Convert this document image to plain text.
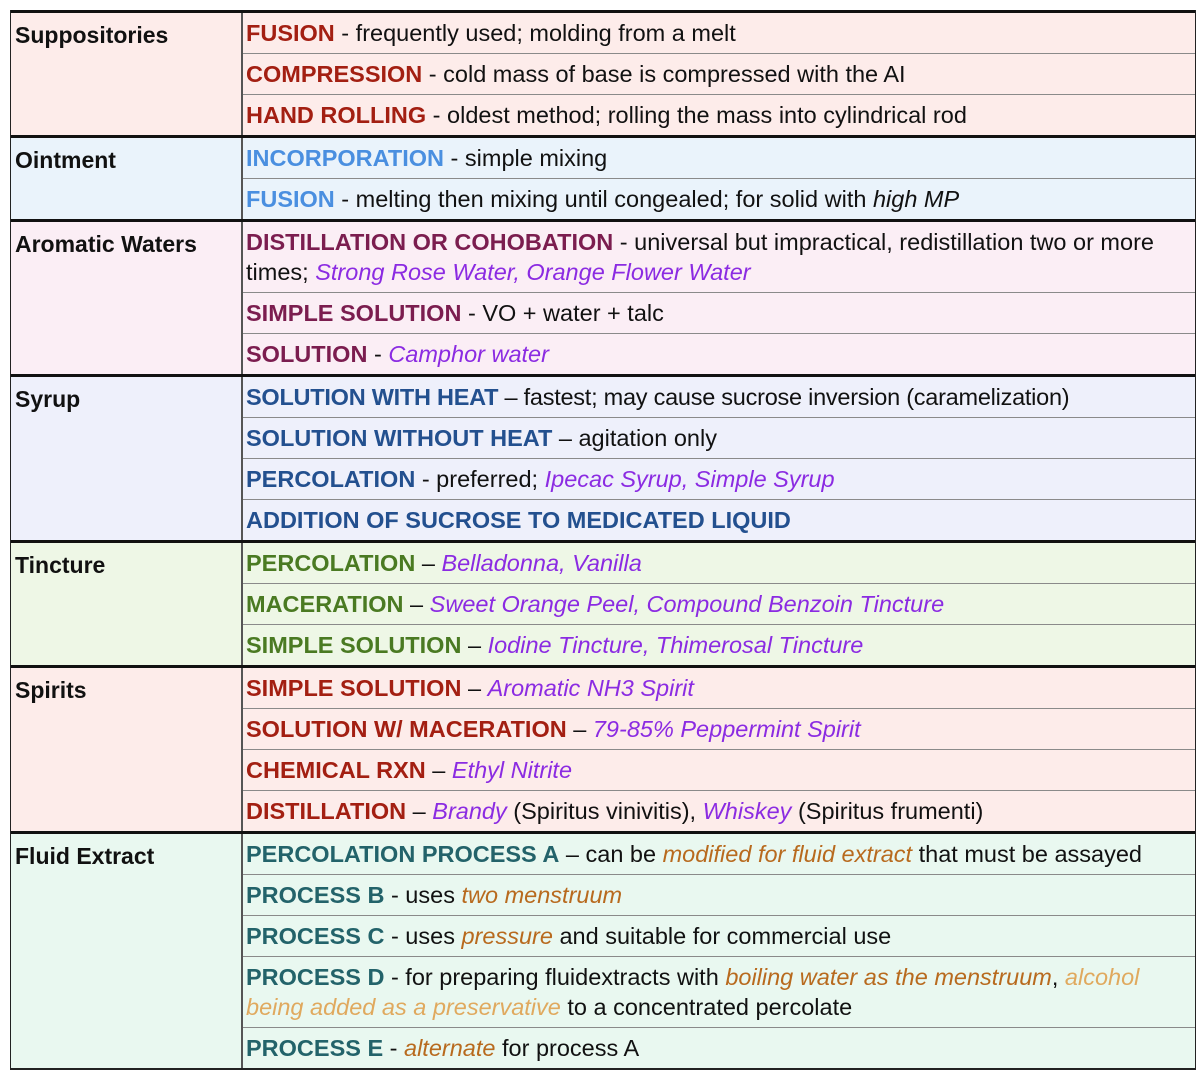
Suppositories	FUSION - frequently used; molding from a melt
COMPRESSION - cold mass of base is compressed with the AI
HAND ROLLING - oldest method; rolling the mass into cylindrical rod
Ointment	INCORPORATION - simple mixing
FUSION - melting then mixing until congealed; for solid with high MP
Aromatic Waters	DISTILLATION OR COHOBATION - universal but impractical, redistillation two or more times; Strong Rose Water, Orange Flower Water
SIMPLE SOLUTION - VO + water + talc
SOLUTION - Camphor water
Syrup	SOLUTION WITH HEAT – fastest; may cause sucrose inversion (caramelization)
SOLUTION WITHOUT HEAT – agitation only
PERCOLATION - preferred; Ipecac Syrup, Simple Syrup
ADDITION OF SUCROSE TO MEDICATED LIQUID
Tincture	PERCOLATION – Belladonna, Vanilla
MACERATION – Sweet Orange Peel, Compound Benzoin Tincture
SIMPLE SOLUTION – Iodine Tincture, Thimerosal Tincture
Spirits	SIMPLE SOLUTION – Aromatic NH3 Spirit
SOLUTION W/ MACERATION – 79-85% Peppermint Spirit
CHEMICAL RXN – Ethyl Nitrite
DISTILLATION – Brandy (Spiritus vinivitis), Whiskey (Spiritus frumenti)
Fluid Extract	PERCOLATION PROCESS A – can be modified for fluid extract that must be assayed
PROCESS B - uses two menstruum
PROCESS C - uses pressure and suitable for commercial use
PROCESS D - for preparing fluidextracts with boiling water as the menstruum, alcohol being added as a preservative to a concentrated percolate
PROCESS E - alternate for process A
